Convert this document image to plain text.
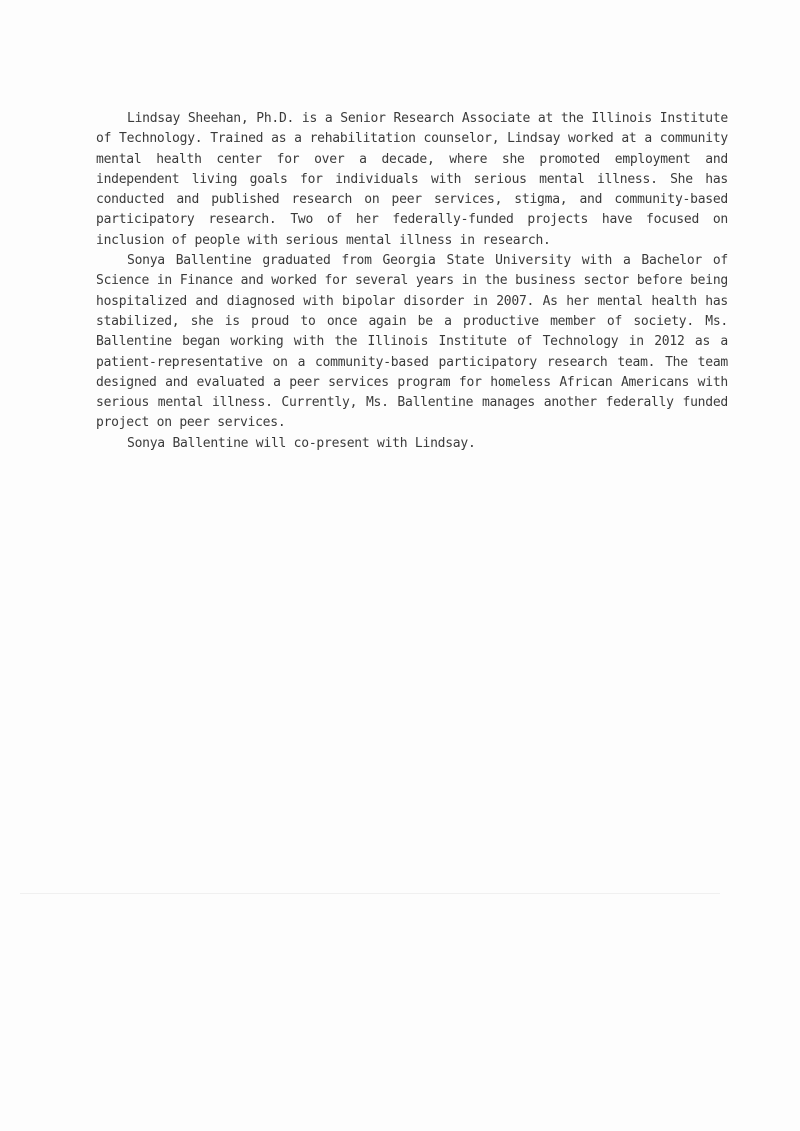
Lindsay Sheehan, Ph.D. is a Senior Research Associate at the Illinois Institute of Technology. Trained as a rehabilitation counselor, Lindsay worked at a community mental health center for over a decade, where she promoted employment and independent living goals for individuals with serious mental illness. She has conducted and published research on peer services, stigma, and community-based participatory research. Two of her federally-funded projects have focused on inclusion of people with serious mental illness in research.

Sonya Ballentine graduated from Georgia State University with a Bachelor of Science in Finance and worked for several years in the business sector before being hospitalized and diagnosed with bipolar disorder in 2007. As her mental health has stabilized, she is proud to once again be a productive member of society. Ms. Ballentine began working with the Illinois Institute of Technology in 2012 as a patient-representative on a community-based participatory research team. The team designed and evaluated a peer services program for homeless African Americans with serious mental illness. Currently, Ms. Ballentine manages another federally funded project on peer services.

Sonya Ballentine will co-present with Lindsay.
